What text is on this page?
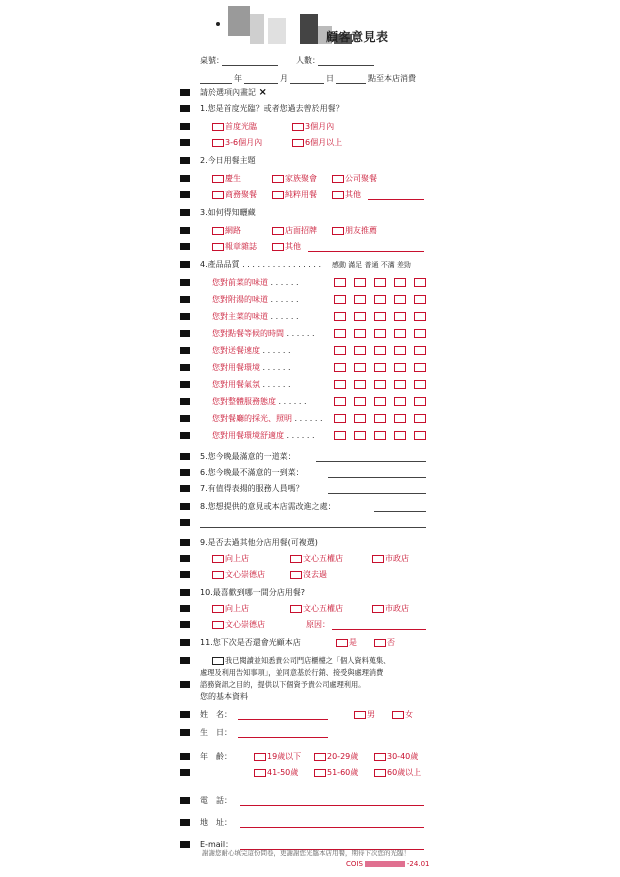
顧客意見表
桌號：	人數：
年	月	日	點至本店消費
請於選項內畫記 ⨯
1.您是首度光臨？或者您過去曾於用餐？
首度光臨	3個月內
3-6個月內	6個月以上
2.今日用餐主題
慶生	家族聚會	公司聚餐
商務聚餐	純粹用餐	其他
3.如何得知曬藏
網路	店面招牌	朋友推薦
報章雜誌	其他
4.產品品質 . . . . . . . . . . . . . . . . 感動 滿足 普通 不滿 差勁
您對前菜的味道 . . . . . .
您對附湯的味道 . . . . . .
您對主菜的味道 . . . . . .
您對點餐等候的時間 . . . . . .
您對送餐速度 . . . . . .
您對用餐環境 . . . . . .
您對用餐氣氛 . . . . . .
您對整體服務態度 . . . . . .
您對餐廳的採光、照明 . . . . . .
您對用餐環境舒適度 . . . . . .
5.您今晚最滿意的一道菜：
6.您今晚最不滿意的一到菜：
7.有值得表揚的服務人員嗎？
8.您想提供的意見或本店需改進之處：
9.是否去過其他分店用餐(可複選)
向上店	文心五權店	市政店
文心崇德店	沒去過
10.最喜歡到哪一間分店用餐?
向上店	文心五權店	市政店
文心崇德店	原因：
11.您下次是否還會光顧本店	是	否
我已閱讀並知悉貴公司門店櫃檯之「個人資料蒐集、
處理及利用告知事項」，並同意基於行銷、接受與處理消費
諮務資訊之目的，提供以下個資予貴公司處理利用。
您的基本資料
姓　名：	男	女
生　日：
年　齡：	19歲以下	20-29歲	30-40歲
41-50歲	51-60歲	60歲以上
電　話：
地　址：
E-mail：
謝謝您耐心填完這份問卷，更謝謝您光臨本店用餐，期待下次您的光臨！
COIS	-24.01
